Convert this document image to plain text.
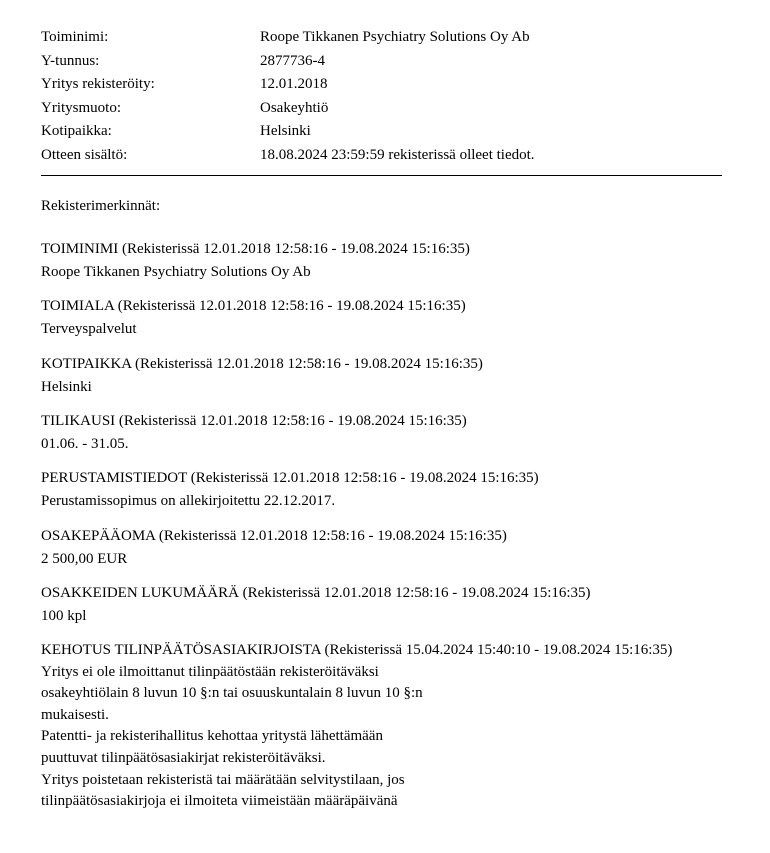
Toiminimi:	Roope Tikkanen Psychiatry Solutions Oy Ab
Y-tunnus:	2877736-4
Yritys rekisteröity:	12.01.2018
Yritysmuoto:	Osakeyhtiö
Kotipaikka:	Helsinki
Otteen sisältö:	18.08.2024 23:59:59 rekisterissä olleet tiedot.
Rekisterimerkinnät:
TOIMINIMI (Rekisterissä 12.01.2018 12:58:16 - 19.08.2024 15:16:35)
Roope Tikkanen Psychiatry Solutions Oy Ab
TOIMIALA (Rekisterissä 12.01.2018 12:58:16 - 19.08.2024 15:16:35)
Terveyspalvelut
KOTIPAIKKA (Rekisterissä 12.01.2018 12:58:16 - 19.08.2024 15:16:35)
Helsinki
TILIKAUSI (Rekisterissä 12.01.2018 12:58:16 - 19.08.2024 15:16:35)
01.06. - 31.05.
PERUSTAMISTIEDOT (Rekisterissä 12.01.2018 12:58:16 - 19.08.2024 15:16:35)
Perustamissopimus on allekirjoitettu 22.12.2017.
OSAKEPÄÄOMA (Rekisterissä 12.01.2018 12:58:16 - 19.08.2024 15:16:35)
2 500,00 EUR
OSAKKEIDEN LUKUMÄÄRÄ (Rekisterissä 12.01.2018 12:58:16 - 19.08.2024 15:16:35)
100 kpl
KEHOTUS TILINPÄÄTÖSASIAKIRJOISTA (Rekisterissä 15.04.2024 15:40:10 - 19.08.2024 15:16:35)
Yritys ei ole ilmoittanut tilinpäätöstään rekisteröitäväksi
osakeyhtiölain 8 luvun 10 §:n tai osuuskuntalain 8 luvun 10 §:n
mukaisesti.
Patentti- ja rekisterihallitus kehottaa yritystä lähettämään
puuttuvat tilinpäätösasiakirjat rekisteröitäväksi.
Yritys poistetaan rekisteristä tai määrätään selvitystilaan, jos
tilinpäätösasiakirjoja ei ilmoiteta viimeistään määräpäivänä
